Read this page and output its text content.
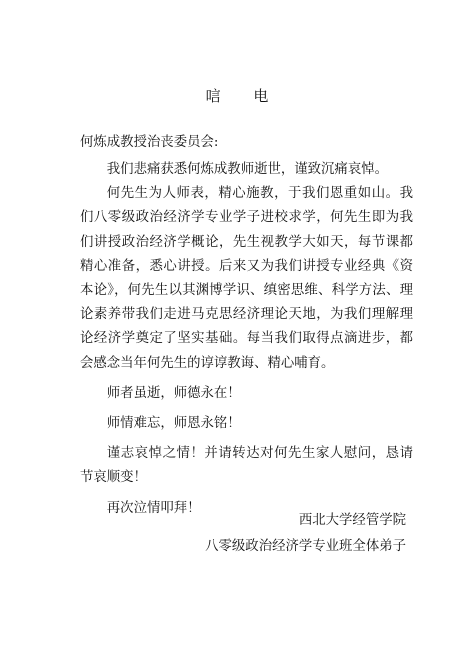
唁 电
何炼成教授治丧委员会:

我们悲痛获悉何炼成教师逝世，谨致沉痛哀悼。

何先生为人师表，精心施教，于我们恩重如山。我们八零级政治经济学专业学子进校求学，何先生即为我们讲授政治经济学概论，先生视教学大如天，每节课都精心准备，悉心讲授。后来又为我们讲授专业经典《资本论》，何先生以其渊博学识、缜密思维、科学方法、理论素养带我们走进马克思经济理论天地，为我们理解理论经济学奠定了坚实基础。每当我们取得点滴进步，都会感念当年何先生的谆谆教诲、精心哺育。

师者虽逝，师德永在！

师情难忘，师恩永铭！

谨志哀悼之情！并请转达对何先生家人慰问，恳请节哀顺变！

再次泣情叩拜！

西北大学经管学院
八零级政治经济学专业班全体弟子
